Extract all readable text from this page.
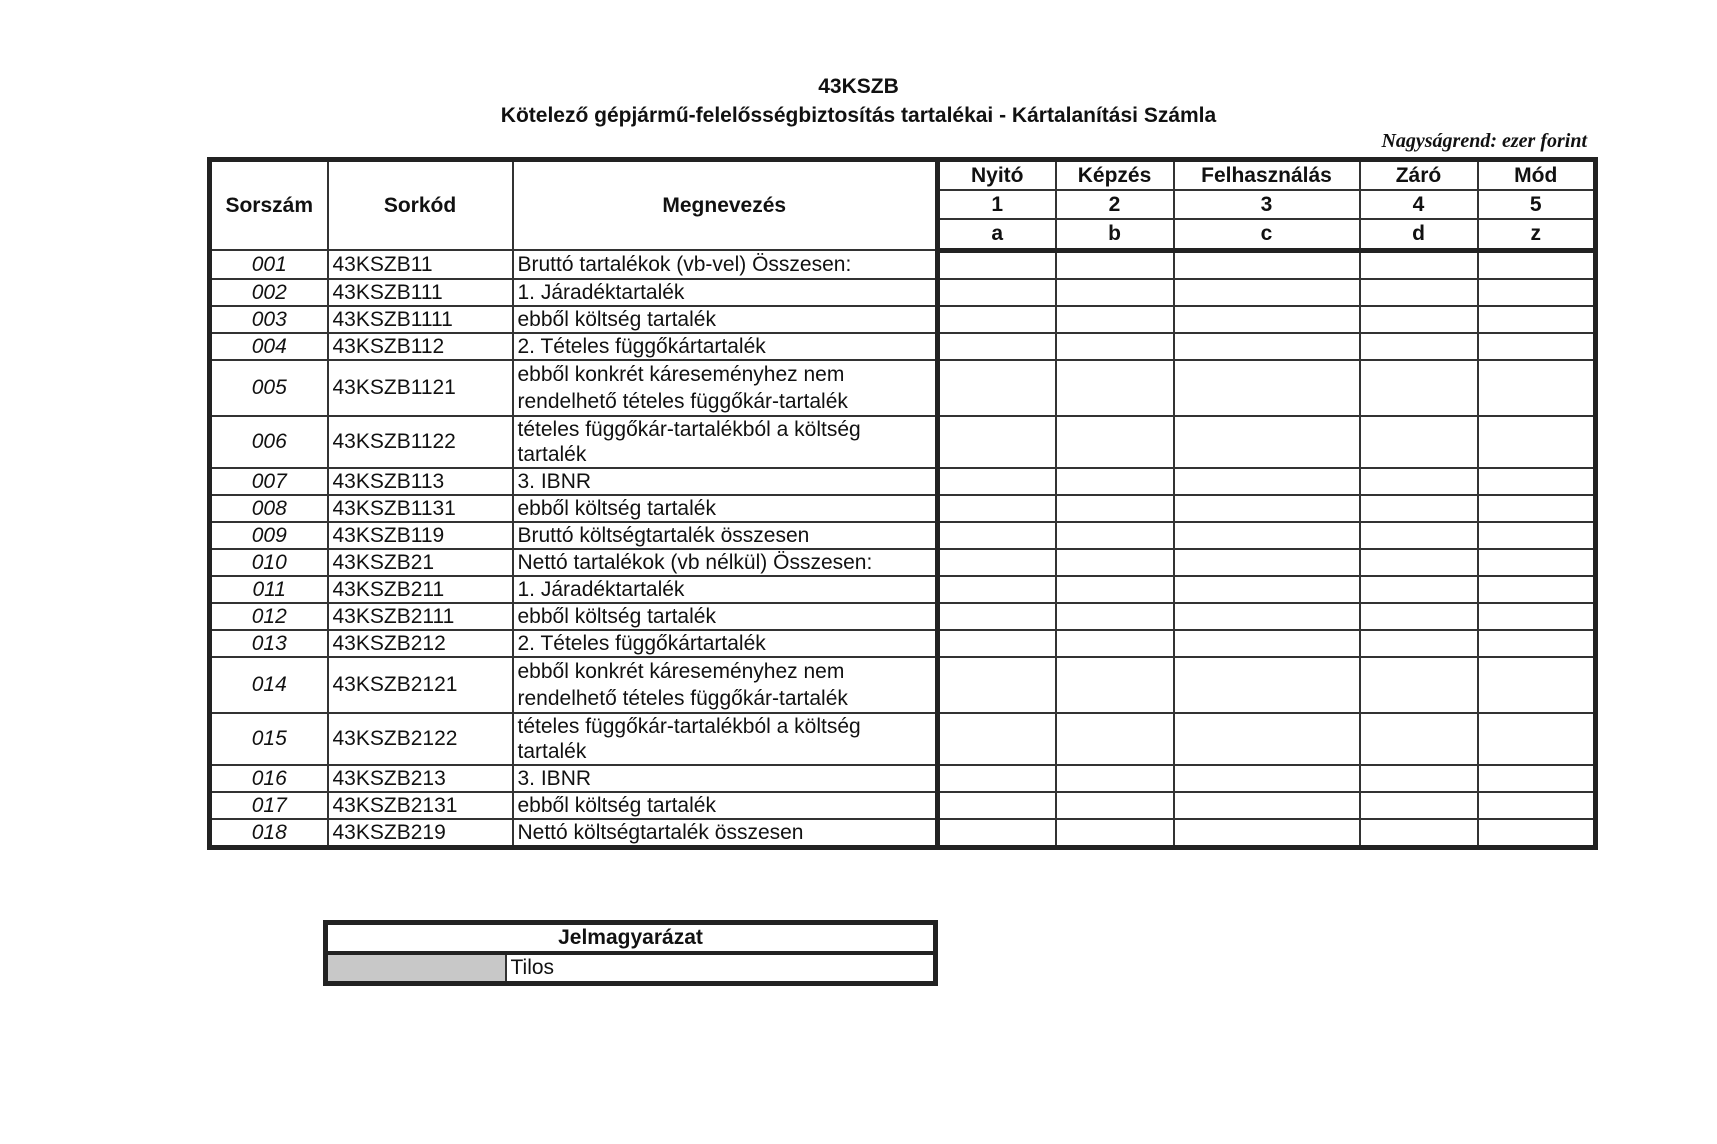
43KSZB
Kötelező gépjármű-felelősségbiztosítás tartalékai - Kártalanítási Számla
Nagyságrend: ezer forint
Sorszám	Sorkód	Megnevezés	Nyitó	Képzés	Felhasználás	Záró	Mód
			1	2	3	4	5
			a	b	c	d	z
001	43KSZB11	Bruttó tartalékok (vb-vel) Összesen:					
002	43KSZB111	1. Járadéktartalék					
003	43KSZB1111	ebből költség tartalék					
004	43KSZB112	2. Tételes függőkártartalék					
005	43KSZB1121	ebből konkrét káreseményhez nem rendelhető tételes függőkár-tartalék					
006	43KSZB1122	tételes függőkár-tartalékból a költség tartalék					
007	43KSZB113	3. IBNR					
008	43KSZB1131	ebből költség tartalék					
009	43KSZB119	Bruttó költségtartalék összesen					
010	43KSZB21	Nettó tartalékok (vb nélkül) Összesen:					
011	43KSZB211	1. Járadéktartalék					
012	43KSZB2111	ebből költség tartalék					
013	43KSZB212	2. Tételes függőkártartalék					
014	43KSZB2121	ebből konkrét káreseményhez nem rendelhető tételes függőkár-tartalék					
015	43KSZB2122	tételes függőkár-tartalékból a költség tartalék					
016	43KSZB213	3. IBNR					
017	43KSZB2131	ebből költség tartalék					
018	43KSZB219	Nettó költségtartalék összesen					
Jelmagyarázat
	Tilos
